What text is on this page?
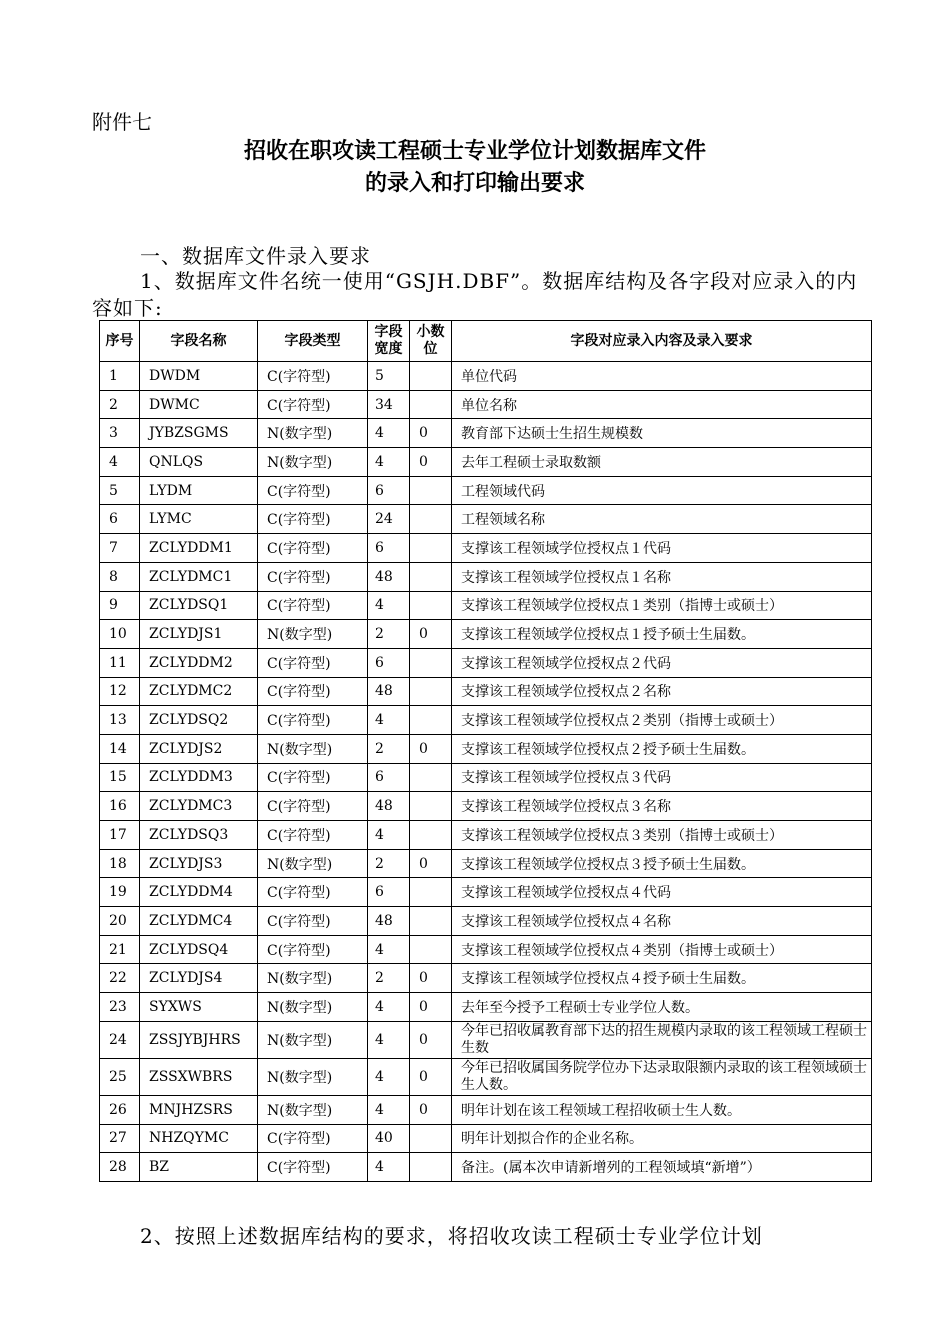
附件七
招收在职攻读工程硕士专业学位计划数据库文件
的录入和打印输出要求
一、数据库文件录入要求
1、数据库文件名统一使用“GSJH.DBF”。数据库结构及各字段对应录入的内容如下:
序号	字段名称	字段类型	字段宽度	小数位	字段对应录入内容及录入要求
1	DWDM	C(字符型)	5		单位代码
2	DWMC	C(字符型)	34		单位名称
3	JYBZSGMS	N(数字型)	4	0	教育部下达硕士生招生规模数
4	QNLQS	N(数字型)	4	0	去年工程硕士录取数额
5	LYDM	C(字符型)	6		工程领域代码
6	LYMC	C(字符型)	24		工程领域名称
7	ZCLYDDM1	C(字符型)	6		支撑该工程领域学位授权点１代码
8	ZCLYDMC1	C(字符型)	48		支撑该工程领域学位授权点１名称
9	ZCLYDSQ1	C(字符型)	4		支撑该工程领域学位授权点１类别（指博士或硕士）
10	ZCLYDJS1	N(数字型)	2	0	支撑该工程领域学位授权点１授予硕士生届数。
11	ZCLYDDM2	C(字符型)	6		支撑该工程领域学位授权点２代码
12	ZCLYDMC2	C(字符型)	48		支撑该工程领域学位授权点２名称
13	ZCLYDSQ2	C(字符型)	4		支撑该工程领域学位授权点２类别（指博士或硕士）
14	ZCLYDJS2	N(数字型)	2	0	支撑该工程领域学位授权点２授予硕士生届数。
15	ZCLYDDM3	C(字符型)	6		支撑该工程领域学位授权点３代码
16	ZCLYDMC3	C(字符型)	48		支撑该工程领域学位授权点３名称
17	ZCLYDSQ3	C(字符型)	4		支撑该工程领域学位授权点３类别（指博士或硕士）
18	ZCLYDJS3	N(数字型)	2	0	支撑该工程领域学位授权点３授予硕士生届数。
19	ZCLYDDM4	C(字符型)	6		支撑该工程领域学位授权点４代码
20	ZCLYDMC4	C(字符型)	48		支撑该工程领域学位授权点４名称
21	ZCLYDSQ4	C(字符型)	4		支撑该工程领域学位授权点４类别（指博士或硕士）
22	ZCLYDJS4	N(数字型)	2	0	支撑该工程领域学位授权点４授予硕士生届数。
23	SYXWS	N(数字型)	4	0	去年至今授予工程硕士专业学位人数。
24	ZSSJYBJHRS	N(数字型)	4	0	今年已招收属教育部下达的招生规模内录取的该工程领域工程硕士生数
25	ZSSXWBRS	N(数字型)	4	0	今年已招收属国务院学位办下达录取限额内录取的该工程领域硕士生人数。
26	MNJHZSRS	N(数字型)	4	0	明年计划在该工程领域工程招收硕士生人数。
27	NHZQYMC	C(字符型)	40		明年计划拟合作的企业名称。
28	BZ	C(字符型)	4		备注。(属本次申请新增列的工程领域填“新增”）
2、按照上述数据库结构的要求，将招收攻读工程硕士专业学位计划
